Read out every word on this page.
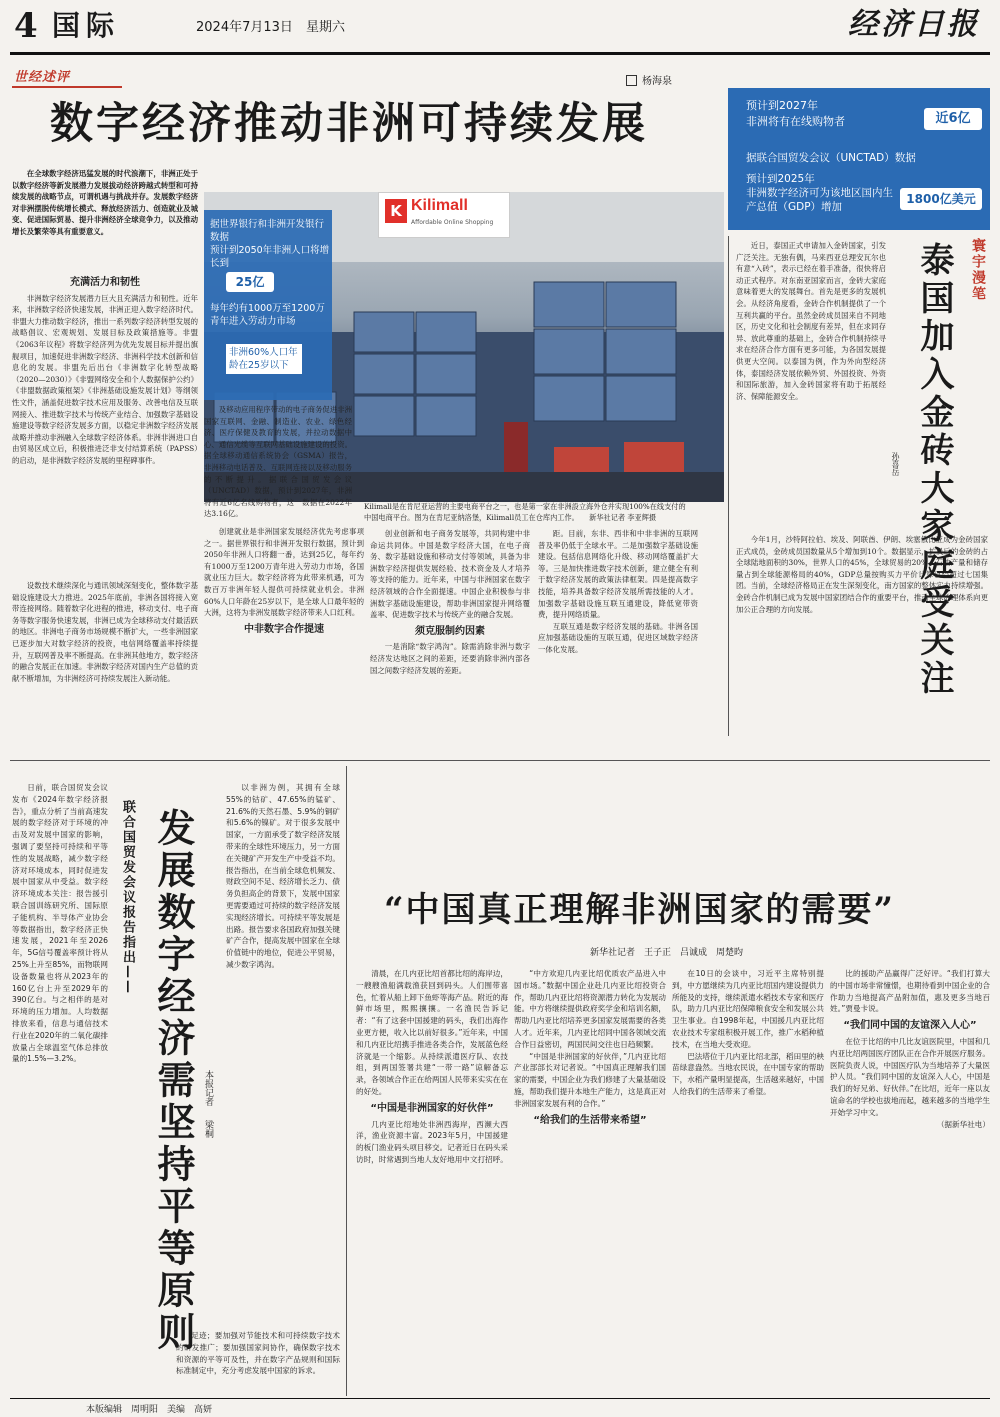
4 国际	2024年7月13日 星期六	经济日报
世经述评	杨海泉
数字经济推动非洲可持续发展	预计到2027年
非洲将有在线购物者	近6亿
据联合国贸发会议（UNCTAD）数据
预计到2025年
非洲数字经济可为该地区国内生产总值（GDP）增加
1800亿美元

在全球数字经济迅猛发展的时代浪潮下，非洲正处于以数字经济等新发展潜力发展拔动经济跨越式转型和可持续发展的战略节点，可谓机遇与挑战并存。发展数字经济对非洲摆脱传统增长模式、释放经济活力、创造就业及城变、促进国际贸易、提升非洲经济全球竞争力，以及推动增长及繁荣等具有重要意义。

充满活力和韧性

非洲数字经济发展潜力巨大且充满活力和韧性。近年来，非洲数字经济快速发展，非洲正迎入数字经济时代。非盟大力推动数字经济，推出一系列数字经济转型发展的战略倡议、宏观规划、发展目标及政策措施等。非盟《2063年议程》将数字经济列为优先发展目标并提出旗舰项目，加速促进非洲数字经济、非洲科学技术创新和信息化的发展。非盟先后出台《非洲数字化转型战略（2020—2030）》《非盟网络安全和个人数据保护公约》《非盟数据政策框架》《非洲基础设施发展计划》等纲领性文件，涵盖促进数字技术应用及服务、改善电信及互联网接入、推进数字技术与传统产业结合、加强数字基础设施建设等数字经济发展多方面，以稳定非洲数字经济发展战略并推动非洲融入全球数字经济体系。非洲非洲进口自由贸易区成立后，积极推进泛非支付结算系统（PAPSS）的启动，是非洲数字经济发展的里程碑事件。

设数技术继续深化与通讯领域深刻变化，整体数字基础设施建设大力推进。2025年底前，非洲各国将接入宽带连接网络。随着数字化进程的推进，移动支付、电子商务等数字服务快速发展，非洲已成为全球移动支付最活跃的地区。非洲电子商务市场规模不断扩大，一些非洲国家已逐步加大对数字经济的投资，电信网络覆盖率持续提升，互联网普及率不断提高。在非洲其他地方，数字经济的融合发展正在加速。非洲数字经济对国内生产总值的贡献不断增加，为非洲经济可持续发展注入新动能。

K Kilimall
Affordable Online Shopping
据世界银行和非洲开发银行数据
预计到2050年非洲人口将增长到
25亿
每年约有1000万至1200万青年进入劳动力市场
非洲60%人口年龄在25岁以下
Kilimall是在肯尼亚运营的主要电商平台之一，也是第一家在非洲設立海外仓并实现100%在线支付的中国电商平台。图为在肯尼亚纳洛堡，Kilimall员工在仓库内工作。 新华社记者 李亚辉摄

及移动应用程序带动的电子商务促进非洲国家互联网、金融、制造业、农业、绿色经济、医疗保健及教育的发展，并拉动数据中心、通信光缆等互联网基础设施建设的投资。据全球移动通信系统协会（GSMA）报告，非洲移动电话普及、互联网连接以及移动服务的不断提升。据联合国贸发会议（UNCTAD）数据，预计到2027年，非洲将有近6亿名线购物者，这一数据在2022年达3.16亿。

创建就业是非洲国家发展经济优先考虑事项之一。据世界银行和非洲开发银行数据，预计到2050年非洲人口将翻一番，达到25亿，每年约有1000万至1200万青年进入劳动力市场，各国就业压力巨大。数字经济将为此带来机遇，可为数百万非洲年轻人提供可持续就业机会。非洲60%人口年龄在25岁以下，是全球人口最年轻的大洲，这将为非洲发展数字经济带来人口红利。

中非数字合作提速

创业创新和电子商务发展等，共同构建中非命运共同体。中国是数字经济大国，在电子商务、数字基础设施和移动支付等领域，具备为非洲数字经济提供发展经验、技术资金及人才培养等支持的能力。近年来，中国与非洲国家在数字经济领域的合作全面提速。中国企业积极参与非洲数字基础设施建设，帮助非洲国家提升网络覆盖率、促进数字技术与传统产业的融合发展。

须克服制约因素

一是消除“数字鸿沟”。除需消除非洲与数字经济发达地区之间的差距，还要消除非洲内部各国之间数字经济发展的差距。

距。目前，东非、西非和中非非洲的互联网普及率仍低于全球水平。二是加强数字基础设施建设。包括信息网络化升级、移动网络覆盖扩大等。三是加快推进数字技术创新，建立健全有利于数字经济发展的政策法律框架。四是提高数字技能，培养具备数字经济发展所需技能的人才。加强数字基础设施互联互通建设，降低宽带资费，提升网络质量。

互联互通是数字经济发展的基础。非洲各国应加强基础设施的互联互通，促进区域数字经济一体化发展。

寰宇漫笔
泰国加入金砖大家庭受关注
孙喜岳

近日，泰国正式申请加入金砖国家，引发广泛关注。无独有偶，马来西亚总理安瓦尔也有意“入砖”，表示已经在着手准备，很快将启动正式程序。对东南亚国家而言，金砖大家庭意味着更大的发展舞台。首先是更多的发展机会。从经济角度看，金砖合作机制提供了一个互利共赢的平台。虽然金砖成员国来自不同地区，历史文化和社会制度有差异，但在求同存异、放此尊重的基础上，金砖合作机制持续寻求在经济合作方面有更多可能，为各国发展提供更大空间。以泰国为例，作为外向型经济体，泰国经济发展依赖外贸、外国投资、外资和国际旅游，加入金砖国家将有助于拓展经济、保障能源安全。

今年1月，沙特阿拉伯、埃及、阿联酋、伊朗、埃塞俄比亚成为金砖国家正式成员，金砖成员国数量从5个增加到10个。数据显示，扩员后的金砖的占全球陆地面积的30%，世界人口的45%，全球贸易的20%，石油产量和储存量占到全球能源格局的40%，GDP总量按购买力平价计算已经超过七国集团。当前，全球经济格局正在发生深刻变化，南方国家的整体实力持续增强。金砖合作机制已成为发展中国家团结合作的重要平台，推动全球治理体系向更加公正合理的方向发展。

日前，联合国贸发会议发布《2024年数字经济报告》，重点分析了当前高速发展的数字经济对于环境的冲击及对发展中国家的影响，强调了要坚持可持续和平等性的发展战略，减少数字经济对环境成本，同时促进发展中国家从中受益。数字经济环境成本关注：报告援引联合国训练研究所、国际原子能机构、半导体产业协会等数据指出，数字经济正快速发展，2021年至2026年，5G信号覆盖率预计将从25%上升至85%，而物联网设备数量也将从2023年的160亿台上升至2029年的390亿台。与之相伴的是对环境的压力增加。人均数据排放来看，信息与通信技术行业在2020年的二氧化碳排放量占全球温室气体总排放量的1.5%—3.2%。

联合国贸发会议报告指出—— 发展数字经济需坚持平等原则 本报记者
梁桐

以非洲为例，其拥有全球55%的钴矿、47.65%的锰矿、21.6%的天然石墨、5.9%的铜矿和5.6%的镍矿。对于很多发展中国家，一方面承受了数字经济发展带来的全球性环境压力，另一方面在关键矿产开发生产中受益不均。报告指出，在当前全球危机频发、财政空间不足、经济增长乏力、债务负担高企的背景下，发展中国家更需要通过可持续的数字经济发展实现经济增长。可持续平等发展是出路。报告要求各国政府加强关键矿产合作，提高发展中国家在全球价值链中的地位，促进公平贸易，减少数字鸿沟。

足迹；要加强对节能技术和可持续数字技术的研发推广；要加强国家间协作，确保数字技术和资源的平等可及性，并在数字产品规则和国际标准制定中，充分考虑发展中国家的诉求。

“中国真正理解非洲国家的需要”
新华社记者　王子正　吕诚成　周楚昀

清晨，在几内亚比绍首都比绍的海岸边，一艘艘渔船满载渔获回到码头。人们围带喜色，忙着从船上卸下鱼虾等海产品。附近的海鲜市场里，熙熙攘攘。一名渔民告诉记者：“有了这套中国援建的码头，我们出海作业更方便，收入比以前好很多。”近年来，中国和几内亚比绍携手推进各类合作，发展蓝色经济就是一个缩影。从持续派遣医疗队、农技组，到两国签署共建“一带一路”谅解备忘录，各领域合作正在给两国人民带来实实在在的好处。

“中国是非洲国家的好伙伴”

几内亚比绍地处非洲西海岸，西濒大西洋，渔业资源丰富。2023年5月，中国援建的板门渔业码头项目移交。记者近日在码头采访时，时常遇到当地人友好地用中文打招呼。

“中方欢迎几内亚比绍优质农产品进入中国市场。”数据中国企业赴几内亚比绍投资合作，帮助几内亚比绍将资源潜力转化为发展动能。中方将继续提供政府奖学金和培训名额，帮助几内亚比绍培养更多国家发展需要的各类人才。近年来，几内亚比绍同中国各领域交流合作日益密切，两国民间交往也日趋频繁。

“中国是非洲国家的好伙伴，”几内亚比绍产业部部长对记者说。“中国真正理解我们国家的需要，中国企业为我们修建了大量基础设施，帮助我们提升本地生产能力，这是真正对非洲国家发展有利的合作。”

“给我们的生活带来希望”

在10日的会谈中，习近平主席特别提到，中方愿继续为几内亚比绍国内建设提供力所能及的支持，继续派遣水稻技术专家和医疗队，助力几内亚比绍保障粮食安全和发展公共卫生事业。自1998年起，中国援几内亚比绍农业技术专家组积极开展工作，推广水稻种植技术，在当地大受欢迎。

巴法塔位于几内亚比绍北部，稻田里的秧苗绿意盎然。当地农民说，在中国专家的帮助下，水稻产量明显提高，生活越来越好，中国人给我们的生活带来了希望。

比的援助产品赢得广泛好评。“我们打算大的中国市场非常憧憬，也期待看到中国企业的合作助力当地提高产品附加值，惠及更多当地百姓。”贾曼卡说。

“我们同中国的友谊深入人心”

在位于比绍的中几比友谊医院里，中国和几内亚比绍两国医疗团队正在合作开展医疗服务。医院负责人说，中国医疗队为当地培养了大量医护人员。“我们同中国的友谊深入人心，中国是我们的好兄弟、好伙伴。”在比绍，近年一座以友谊命名的学校也拔地而起，越来越多的当地学生开始学习中文。

（据新华社电）

本版编辑　周明阳　美编　高妍
